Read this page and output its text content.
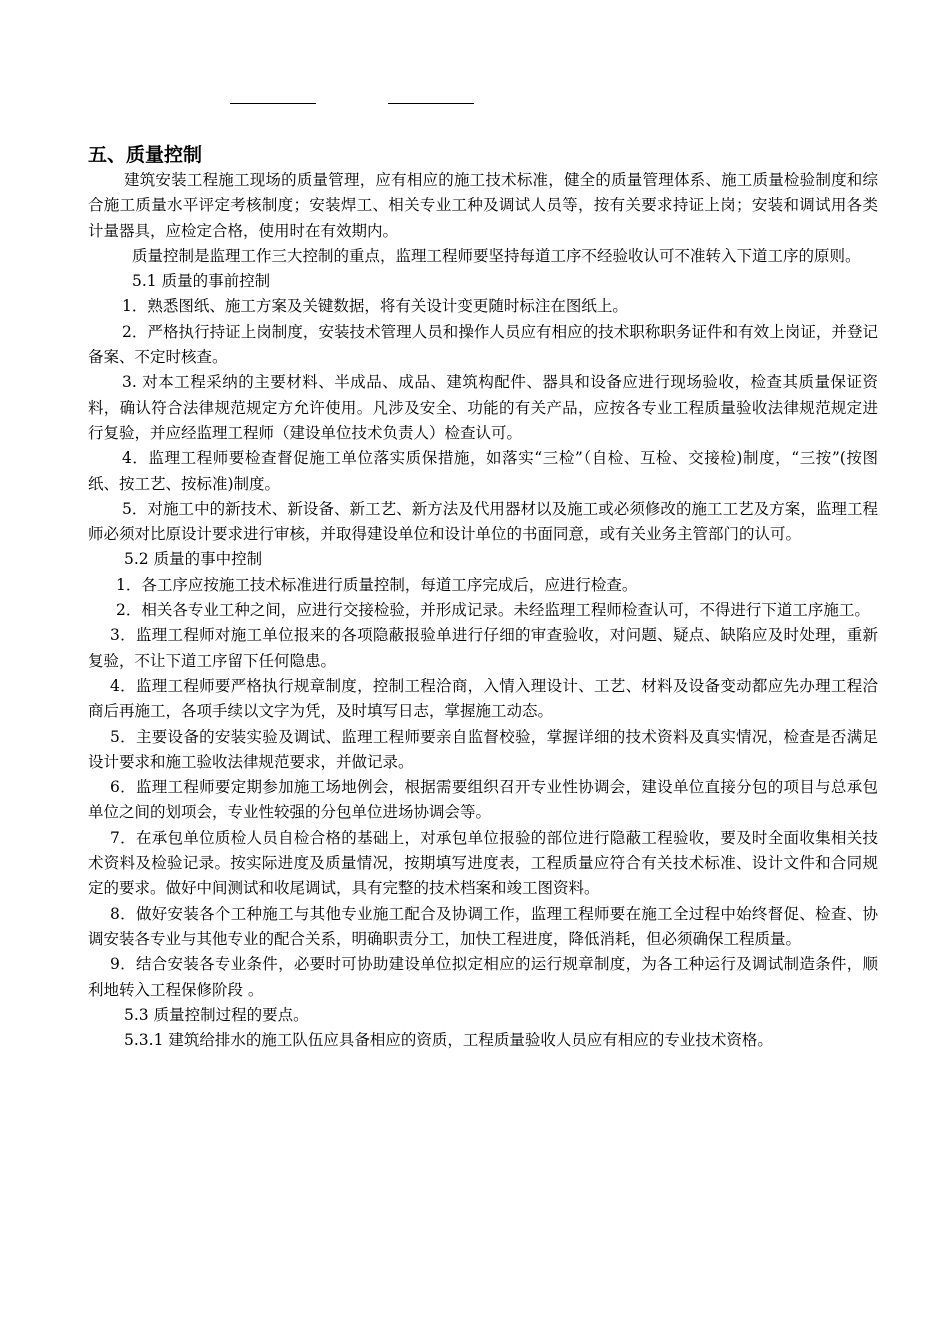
五、质量控制

建筑安装工程施工现场的质量管理，应有相应的施工技术标准，健全的质量管理体系、施工质量检验制度和综合施工质量水平评定考核制度；安装焊工、相关专业工种及调试人员等，按有关要求持证上岗；安装和调试用各类计量器具，应检定合格，使用时在有效期内。

质量控制是监理工作三大控制的重点，监理工程师要坚持每道工序不经验收认可不准转入下道工序的原则。

5.1 质量的事前控制

1．熟悉图纸、施工方案及关键数据，将有关设计变更随时标注在图纸上。

2．严格执行持证上岗制度，安装技术管理人员和操作人员应有相应的技术职称职务证件和有效上岗证，并登记备案、不定时核查。

3. 对本工程采纳的主要材料、半成品、成品、建筑构配件、器具和设备应进行现场验收，检查其质量保证资料，确认符合法律规范规定方允许使用。凡涉及安全、功能的有关产品，应按各专业工程质量验收法律规范规定进行复验，并应经监理工程师（建设单位技术负责人）检查认可。

4．监理工程师要检查督促施工单位落实质保措施，如落实“三检”（自检、互检、交接检)制度，“三按”(按图纸、按工艺、按标准)制度。

5．对施工中的新技术、新设备、新工艺、新方法及代用器材以及施工或必须修改的施工工艺及方案，监理工程师必须对比原设计要求进行审核，并取得建设单位和设计单位的书面同意，或有关业务主管部门的认可。

5.2 质量的事中控制

1．各工序应按施工技术标准进行质量控制，每道工序完成后，应进行检查。

2．相关各专业工种之间，应进行交接检验，并形成记录。未经监理工程师检查认可，不得进行下道工序施工。

3．监理工程师对施工单位报来的各项隐蔽报验单进行仔细的审查验收，对问题、疑点、缺陷应及时处理，重新复验，不让下道工序留下任何隐患。

4．监理工程师要严格执行规章制度，控制工程洽商，入情入理设计、工艺、材料及设备变动都应先办理工程洽商后再施工，各项手续以文字为凭，及时填写日志，掌握施工动态。

5．主要设备的安装实验及调试、监理工程师要亲自监督校验，掌握详细的技术资料及真实情况，检查是否满足设计要求和施工验收法律规范要求，并做记录。

6．监理工程师要定期参加施工场地例会，根据需要组织召开专业性协调会，建设单位直接分包的项目与总承包单位之间的划项会，专业性较强的分包单位进场协调会等。

7．在承包单位质检人员自检合格的基础上，对承包单位报验的部位进行隐蔽工程验收，要及时全面收集相关技术资料及检验记录。按实际进度及质量情况，按期填写进度表，工程质量应符合有关技术标准、设计文件和合同规定的要求。做好中间测试和收尾调试，具有完整的技术档案和竣工图资料。

8．做好安装各个工种施工与其他专业施工配合及协调工作，监理工程师要在施工全过程中始终督促、检查、协调安装各专业与其他专业的配合关系，明确职责分工，加快工程进度，降低消耗，但必须确保工程质量。

9．结合安装各专业条件，必要时可协助建设单位拟定相应的运行规章制度，为各工种运行及调试制造条件，顺利地转入工程保修阶段 。

5.3 质量控制过程的要点。

5.3.1 建筑给排水的施工队伍应具备相应的资质，工程质量验收人员应有相应的专业技术资格。
